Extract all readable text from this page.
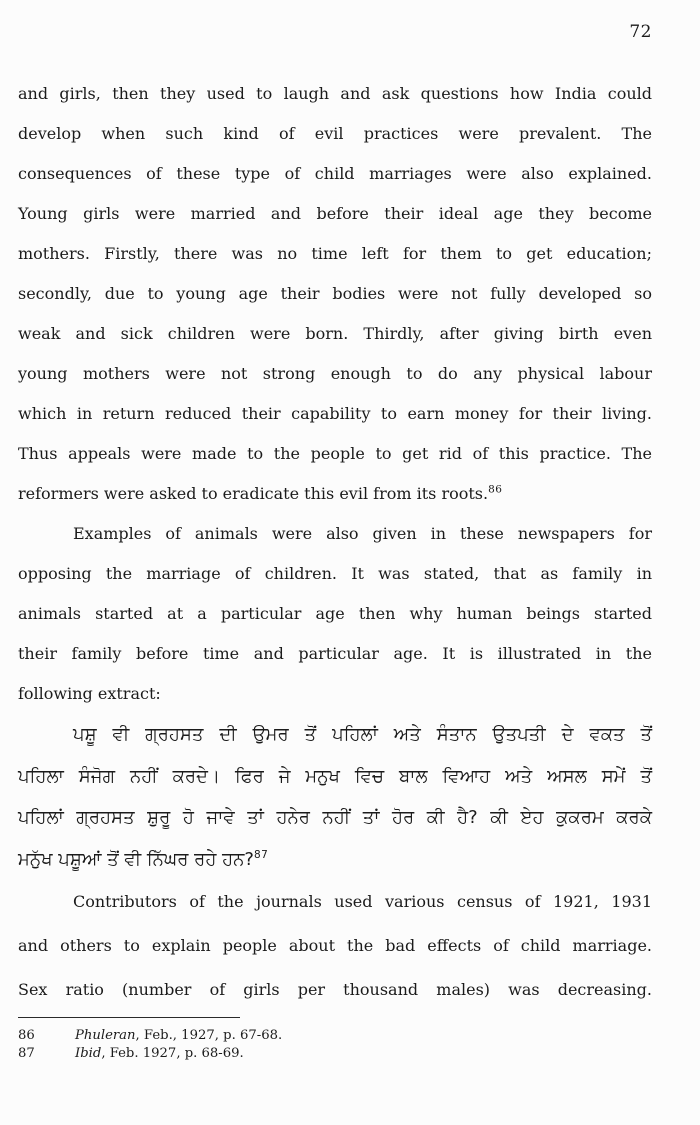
72
and girls, then they used to laugh and ask questions how India could
develop when such kind of evil practices were prevalent. The
consequences of these type of child marriages were also explained.
Young girls were married and before their ideal age they become
mothers. Firstly, there was no time left for them to get education;
secondly, due to young age their bodies were not fully developed so
weak and sick children were born. Thirdly, after giving birth even
young mothers were not strong enough to do any physical labour
which in return reduced their capability to earn money for their living.
Thus appeals were made to the people to get rid of this practice. The
reformers were asked to eradicate this evil from its roots.$^{86}$
Examples of animals were also given in these newspapers for
opposing the marriage of children. It was stated, that as family in
animals started at a particular age then why human beings started
their family before time and particular age. It is illustrated in the
following extract:
ਪਸ਼ੂ ਵੀ ਗ੍ਰਹਸਤ ਦੀ ਉਮਰ ਤੋਂ ਪਹਿਲਾਂ ਅਤੇ ਸੰਤਾਨ ਉਤਪਤੀ ਦੇ ਵਕਤ ਤੋਂ
ਪਹਿਲਾ ਸੰਜੋਗ ਨਹੀਂ ਕਰਦੇ। ਫਿਰ ਜੇ ਮਨੁਖ ਵਿਚ ਬਾਲ ਵਿਆਹ ਅਤੇ ਅਸਲ ਸਮੇਂ ਤੋਂ
ਪਹਿਲਾਂ ਗ੍ਰਹਸਤ ਸ਼ੁਰੂ ਹੋ ਜਾਵੇ ਤਾਂ ਹਨੇਰ ਨਹੀਂ ਤਾਂ ਹੋਰ ਕੀ ਹੈ? ਕੀ ਏਹ ਕੁਕਰਮ ਕਰਕੇ
ਮਨੁੱਖ ਪਸ਼ੂਆਂ ਤੋਂ ਵੀ ਨਿੱਘਰ ਰਹੇ ਹਨ?$^{87}$
Contributors of the journals used various census of 1921, 1931
and others to explain people about the bad effects of child marriage.
Sex ratio (number of girls per thousand males) was decreasing.
86	Phuleran, Feb., 1927, p. 67-68.
87	Ibid, Feb. 1927, p. 68-69.
